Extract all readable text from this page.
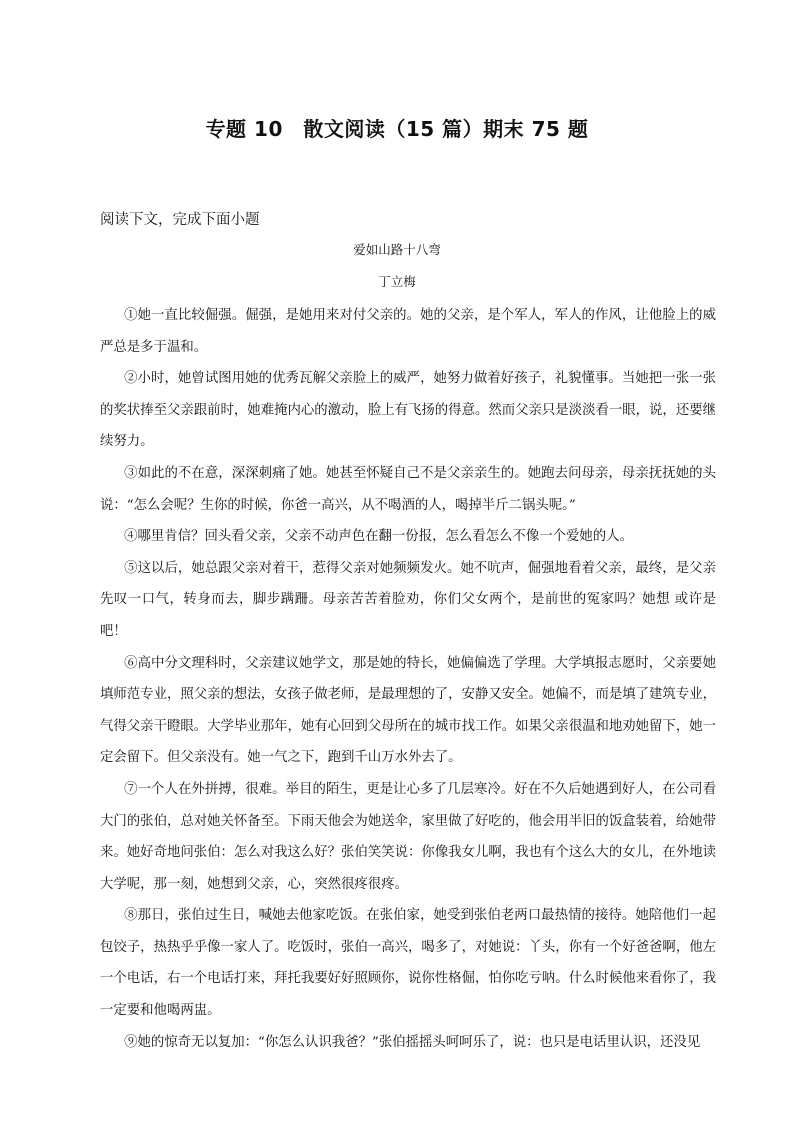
专题 10　散文阅读（15 篇）期末 75 题
阅读下文，完成下面小题
爱如山路十八弯
丁立梅

①她一直比较倔强。倔强，是她用来对付父亲的。她的父亲，是个军人，军人的作风，让他脸上的威严总是多于温和。

②小时，她曾试图用她的优秀瓦解父亲脸上的威严，她努力做着好孩子，礼貌懂事。当她把一张一张的奖状捧至父亲跟前时，她难掩内心的激动，脸上有飞扬的得意。然而父亲只是淡淡看一眼，说，还要继续努力。

③如此的不在意，深深刺痛了她。她甚至怀疑自己不是父亲亲生的。她跑去问母亲，母亲抚抚她的头说：“怎么会呢？生你的时候，你爸一高兴，从不喝酒的人，喝掉半斤二锅头呢。”

④哪里肯信？回头看父亲，父亲不动声色在翻一份报，怎么看怎么不像一个爱她的人。

⑤这以后，她总跟父亲对着干，惹得父亲对她频频发火。她不吭声，倔强地看着父亲，最终，是父亲先叹一口气，转身而去，脚步蹒跚。母亲苦苦着脸劝，你们父女两个，是前世的冤家吗？她想 或许是吧！

⑥高中分文理科时，父亲建议她学文，那是她的特长，她偏偏选了学理。大学填报志愿时，父亲要她填师范专业，照父亲的想法，女孩子做老师，是最理想的了，安静又安全。她偏不，而是填了建筑专业，气得父亲干瞪眼。大学毕业那年，她有心回到父母所在的城市找工作。如果父亲很温和地劝她留下，她一定会留下。但父亲没有。她一气之下，跑到千山万水外去了。

⑦一个人在外拼搏，很难。举目的陌生，更是让心多了几层寒冷。好在不久后她遇到好人，在公司看大门的张伯，总对她关怀备至。下雨天他会为她送伞，家里做了好吃的，他会用半旧的饭盒装着，给她带来。她好奇地问张伯：怎么对我这么好？张伯笑笑说：你像我女儿啊，我也有个这么大的女儿，在外地读大学呢，那一刻，她想到父亲，心，突然很疼很疼。

⑧那日，张伯过生日，喊她去他家吃饭。在张伯家，她受到张伯老两口最热情的接待。她陪他们一起包饺子，热热乎乎像一家人了。吃饭时，张伯一高兴，喝多了，对她说：丫头，你有一个好爸爸啊，他左一个电话，右一个电话打来，拜托我要好好照顾你，说你性格倔，怕你吃亏呐。什么时候他来看你了，我一定要和他喝两盅。

⑨她的惊奇无以复加：“你怎么认识我爸？”张伯摇摇头呵呵乐了，说：也只是电话里认识，还没见
